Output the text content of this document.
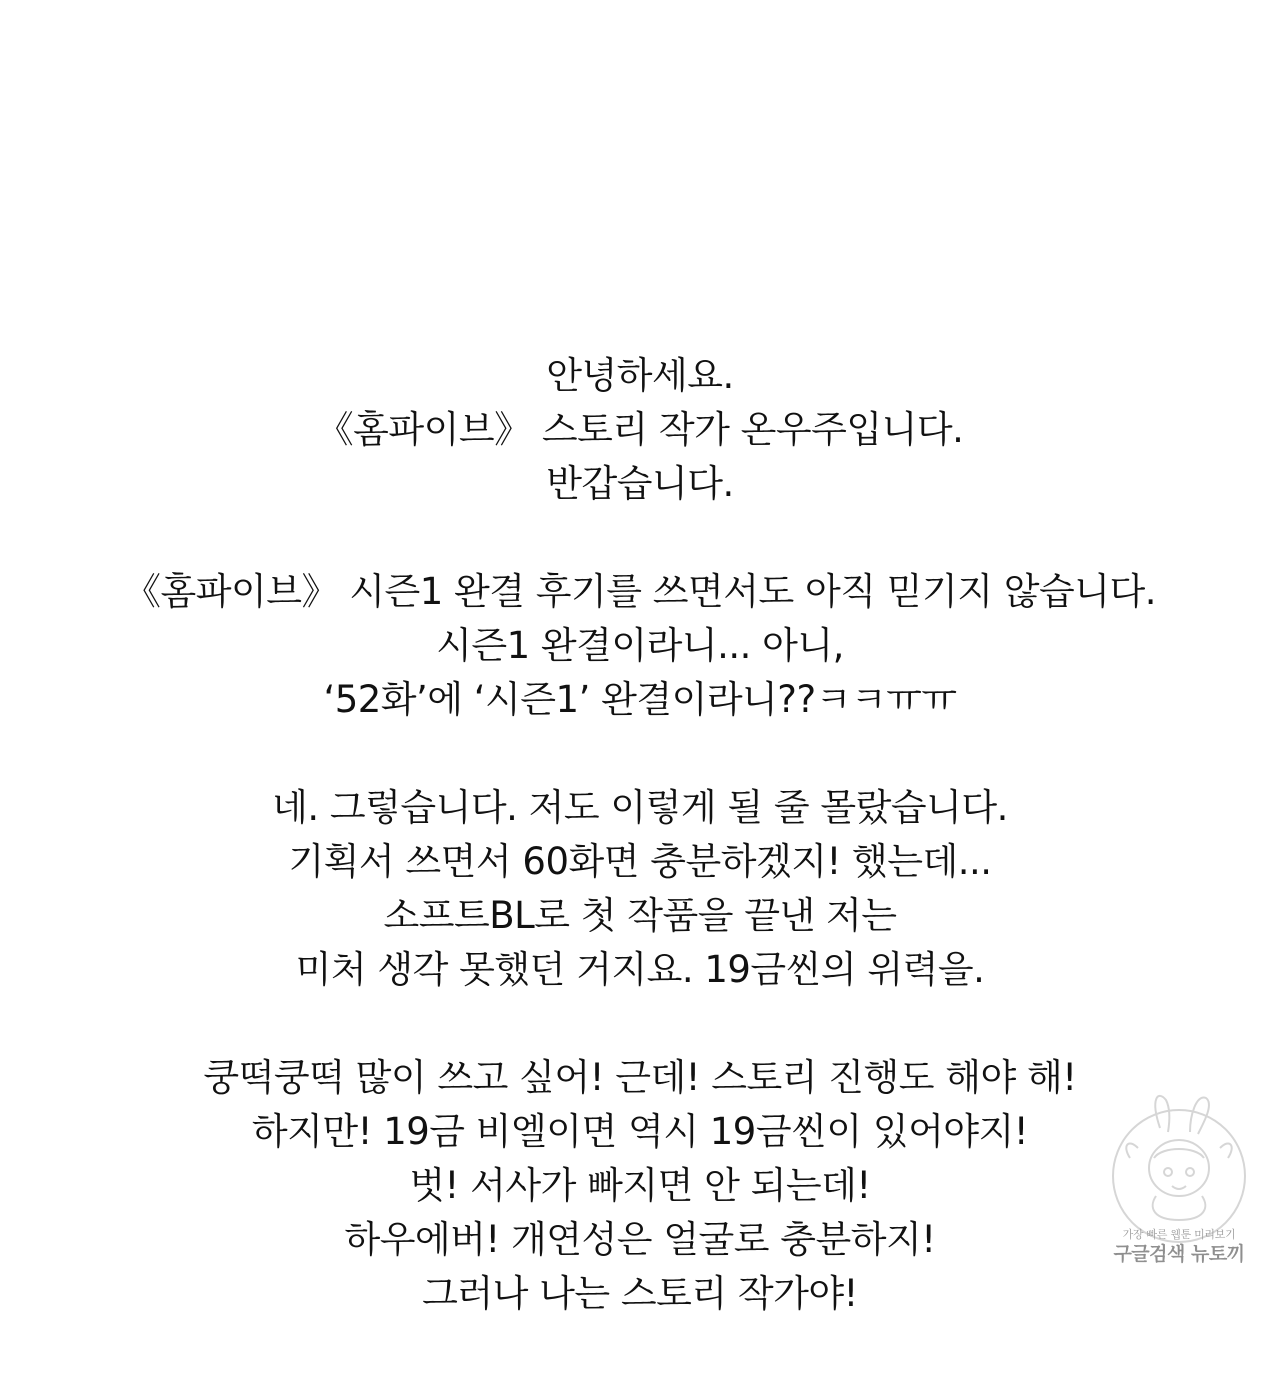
안녕하세요.
《홈파이브》 스토리 작가 온우주입니다.
반갑습니다.
《홈파이브》 시즌1 완결 후기를 쓰면서도 아직 믿기지 않습니다.
시즌1 완결이라니... 아니,
‘52화’에 ‘시즌1’ 완결이라니??ㅋㅋㅠㅠ
네. 그렇습니다. 저도 이렇게 될 줄 몰랐습니다.
기획서 쓰면서 60화면 충분하겠지! 했는데...
소프트BL로 첫 작품을 끝낸 저는
미처 생각 못했던 거지요. 19금씬의 위력을.
쿵떡쿵떡 많이 쓰고 싶어! 근데! 스토리 진행도 해야 해!
하지만! 19금 비엘이면 역시 19금씬이 있어야지!
벗! 서사가 빠지면 안 되는데!
하우에버! 개연성은 얼굴로 충분하지!
그러나 나는 스토리 작가야!
가장 빠른 웹툰 미리보기
구글검색 뉴토끼
